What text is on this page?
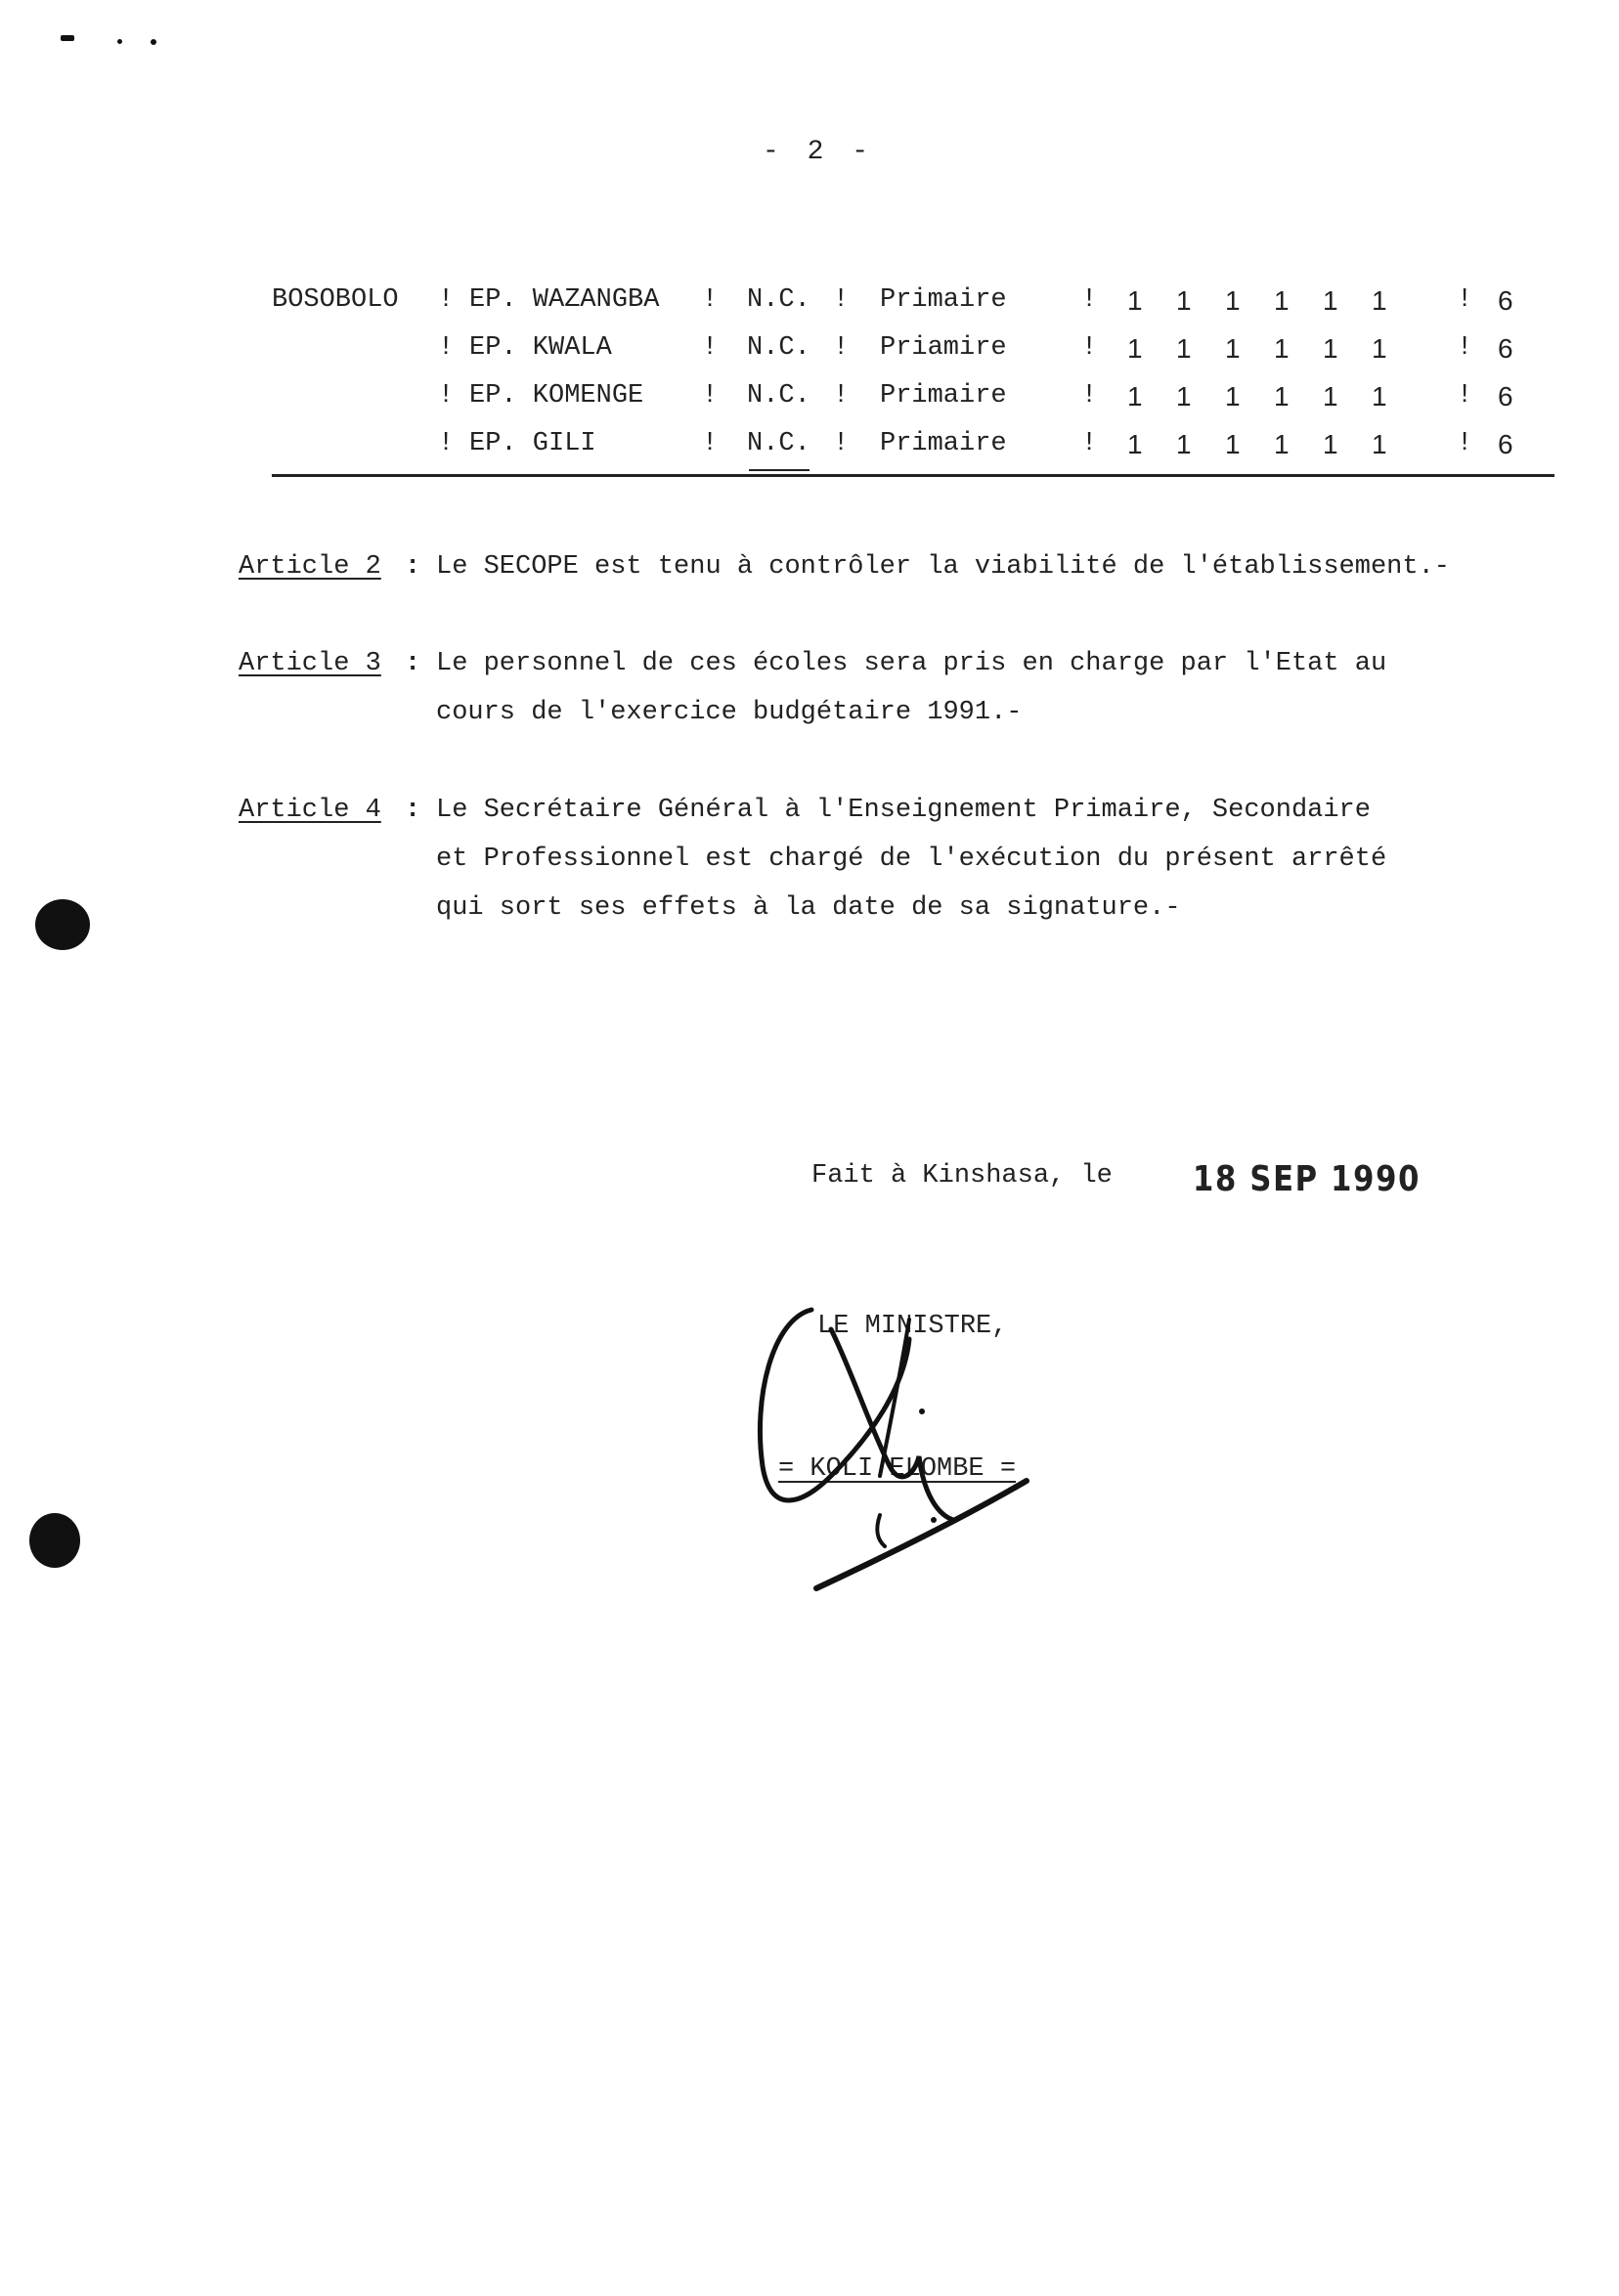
- 2 -
BOSOBOLO ! EP. WAZANGBA ! N.C. ! Primaire	! 1 1 1 1 1 1	! 6
! EP. KWALA	! N.C. ! Priamire	! 1 1 1 1 1 1	! 6
! EP. KOMENGE ! N.C. ! Primaire	! 1 1 1 1 1 1	! 6
! EP. GILI	! N.C. ! Primaire	! 1 1 1 1 1 1	! 6
Article 2 : Le SECOPE est tenu à contrôler la viabilité de l'établissement.-
Article 3 : Le personnel de ces écoles sera pris en charge par l'Etat au
cours de l'exercice budgétaire 1991.-
Article 4 : Le Secrétaire Général à l'Enseignement Primaire, Secondaire
et Professionnel est chargé de l'exécution du présent arrêté
qui sort ses effets à la date de sa signature.-
Fait à Kinshasa, le 18 SEP 1990
LE MINISTRE,
= KOLI ELOMBE =
